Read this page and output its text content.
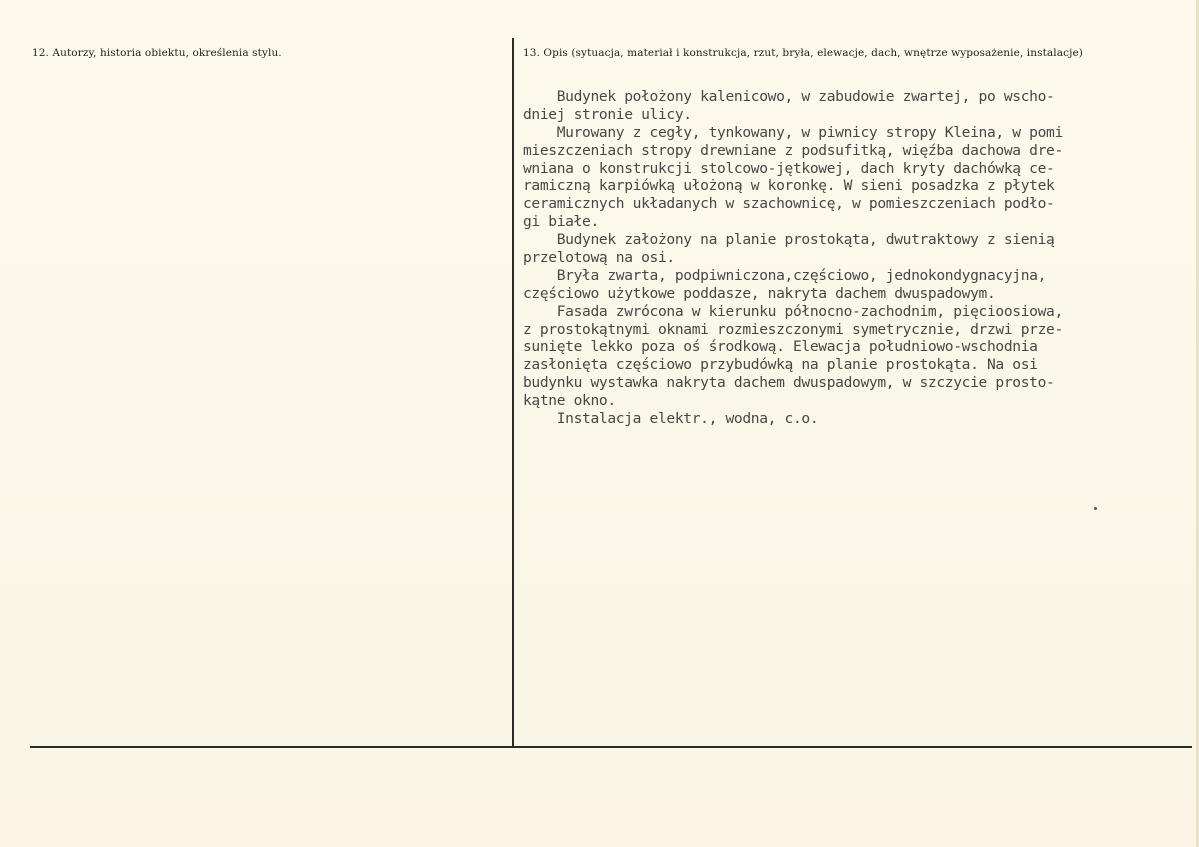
12. Autorzy, historia obiektu, określenia stylu.	13. Opis (sytuacja, materiał i konstrukcja, rzut, bryła, elewacje, dach, wnętrze wyposażenie, instalacje)
Budynek położony kalenicowo, w zabudowie zwartej, po wscho-
dniej stronie ulicy.
Murowany z cegły, tynkowany, w piwnicy stropy Kleina, w pomi
mieszczeniach stropy drewniane z podsufitką, więźba dachowa dre-
wniana o konstrukcji stolcowo-jętkowej, dach kryty dachówką ce-
ramiczną karpiówką ułożoną w koronkę. W sieni posadzka z płytek
ceramicznych układanych w szachownicę, w pomieszczeniach podło-
gi białe.
Budynek założony na planie prostokąta, dwutraktowy z sienią
przelotową na osi.
Bryła zwarta, podpiwniczona,częściowo, jednokondygnacyjna,
częściowo użytkowe poddasze, nakryta dachem dwuspadowym.
Fasada zwrócona w kierunku północno-zachodnim, pięcioosiowa,
z prostokątnymi oknami rozmieszczonymi symetrycznie, drzwi prze-
sunięte lekko poza oś środkową. Elewacja południowo-wschodnia
zasłonięta częściowo przybudówką na planie prostokąta. Na osi
budynku wystawka nakryta dachem dwuspadowym, w szczycie prosto-
kątne okno.
Instalacja elektr., wodna, c.o.
